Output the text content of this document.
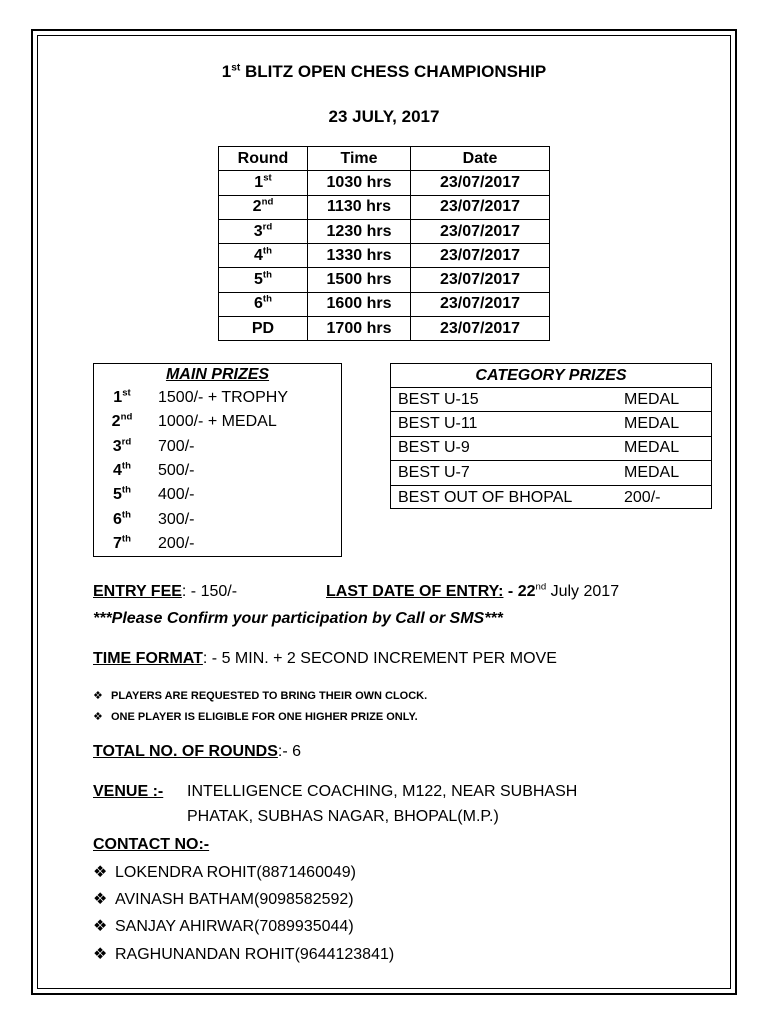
1st BLITZ OPEN CHESS CHAMPIONSHIP
23 JULY, 2017
Round	Time	Date
1st	1030 hrs	23/07/2017
2nd	1130 hrs	23/07/2017
3rd	1230 hrs	23/07/2017
4th	1330 hrs	23/07/2017
5th	1500 hrs	23/07/2017
6th	1600 hrs	23/07/2017
PD	1700 hrs	23/07/2017
MAIN PRIZES
1st	1500/- + TROPHY
2nd	1000/- + MEDAL
3rd	700/-
4th	500/-
5th	400/-
6th	300/-
7th	200/-
CATEGORY PRIZES
BEST U-15	MEDAL
BEST U-11	MEDAL
BEST U-9	MEDAL
BEST U-7	MEDAL
BEST OUT OF BHOPAL	200/-
ENTRY FEE: - 150/-	LAST DATE OF ENTRY: - 22nd July 2017
***Please Confirm your participation by Call or SMS***
TIME FORMAT: - 5 MIN. + 2 SECOND INCREMENT PER MOVE
❖ PLAYERS ARE REQUESTED TO BRING THEIR OWN CLOCK.
❖ ONE PLAYER IS ELIGIBLE FOR ONE HIGHER PRIZE ONLY.
TOTAL NO. OF ROUNDS:- 6
VENUE :- INTELLIGENCE COACHING, M122, NEAR SUBHASH
PHATAK, SUBHAS NAGAR, BHOPAL(M.P.)
CONTACT NO:-
❖ LOKENDRA ROHIT(8871460049)
❖ AVINASH BATHAM(9098582592)
❖ SANJAY AHIRWAR(7089935044)
❖ RAGHUNANDAN ROHIT(9644123841)
